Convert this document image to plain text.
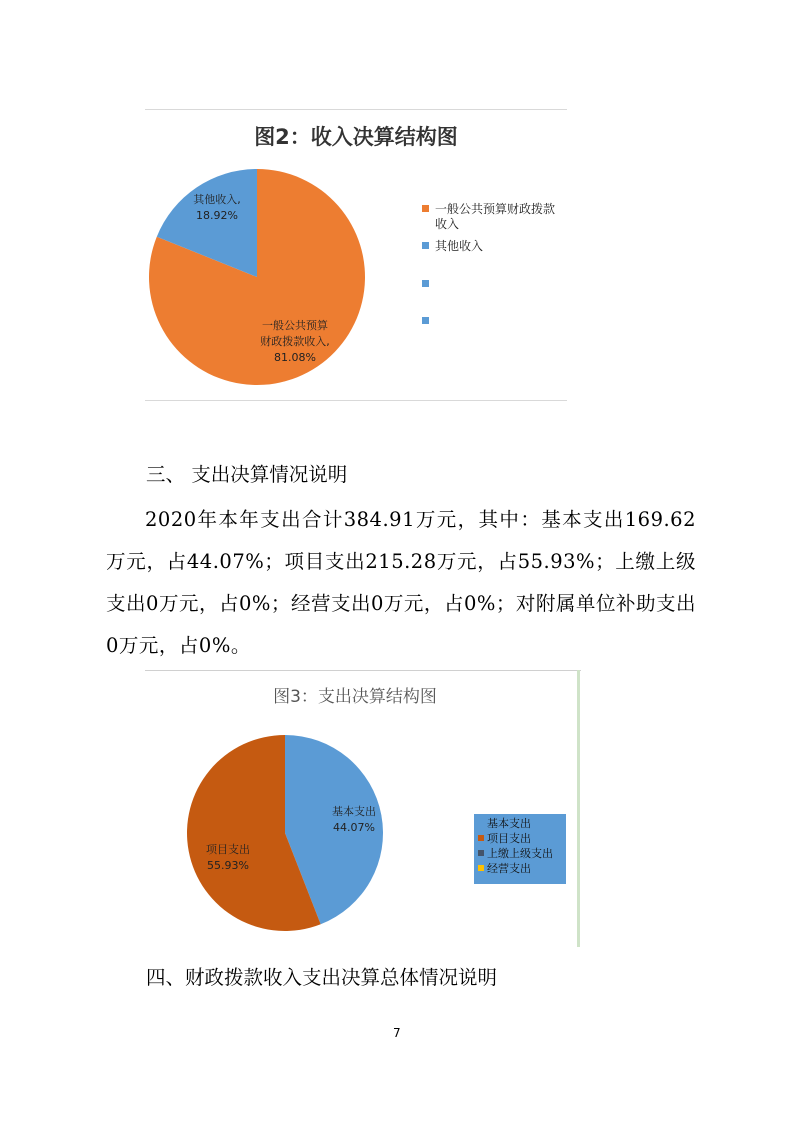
图2：收入决算结构图
其他收入,
18.92%
一般公共预算
财政拨款收入,
81.08%
一般公共预算财政拨款
收入
其他收入
三、 支出决算情况说明
2020年本年支出合计384.91万元，其中：基本支出169.62万元，占44.07%；项目支出215.28万元，占55.93%；上缴上级支出0万元，占0%；经营支出0万元，占0%；对附属单位补助支出0万元，占0%。
图3：支出决算结构图
基本支出
44.07%
项目支出
55.93%
基本支出
项目支出
上缴上级支出
经营支出
四、财政拨款收入支出决算总体情况说明
7
